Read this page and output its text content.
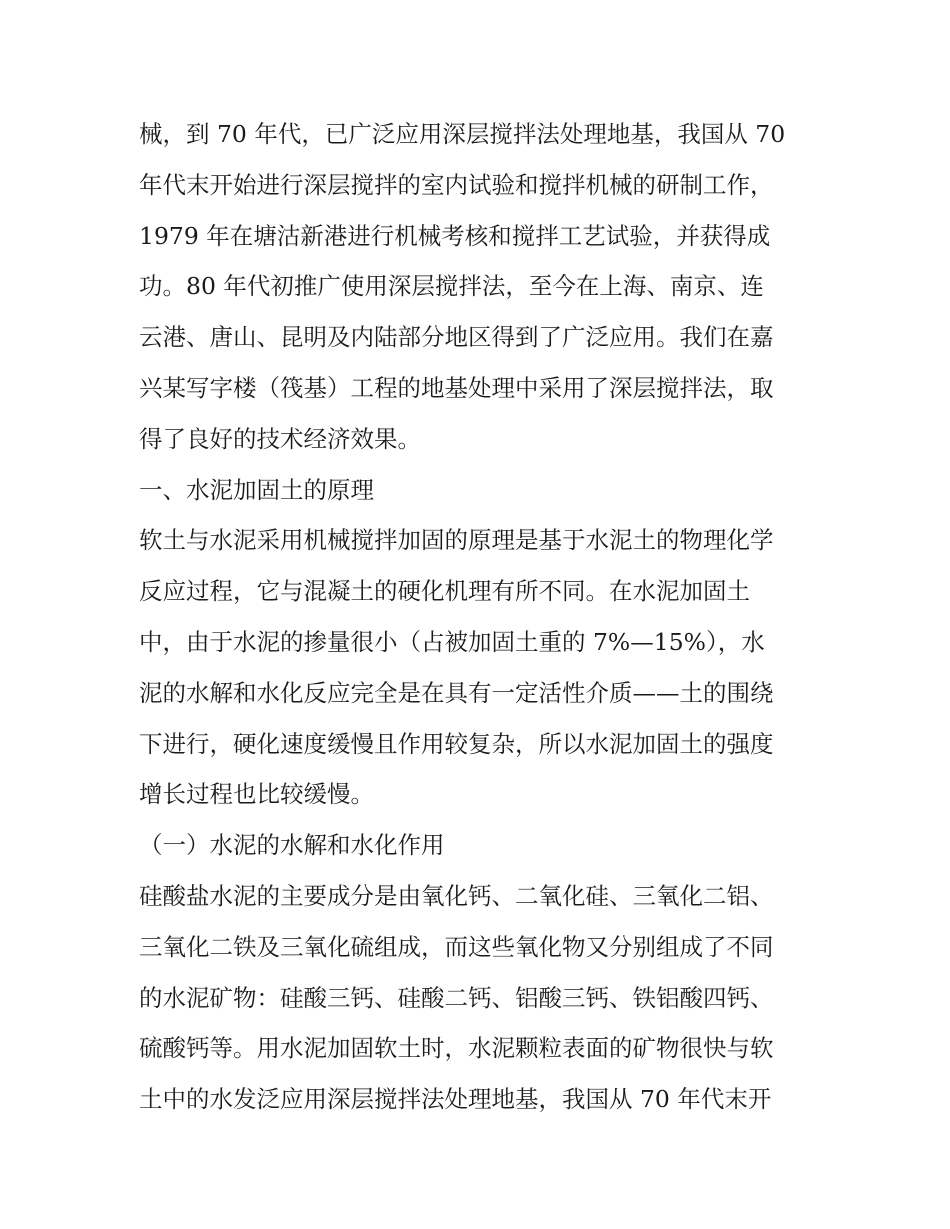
械，到 70 年代，已广泛应用深层搅拌法处理地基，我国从 70
年代末开始进行深层搅拌的室内试验和搅拌机械的研制工作，
1979 年在塘沽新港进行机械考核和搅拌工艺试验，并获得成
功。80 年代初推广使用深层搅拌法，至今在上海、南京、连
云港、唐山、昆明及内陆部分地区得到了广泛应用。我们在嘉
兴某写字楼（筏基）工程的地基处理中采用了深层搅拌法，取
得了良好的技术经济效果。
一、水泥加固土的原理
软土与水泥采用机械搅拌加固的原理是基于水泥土的物理化学
反应过程，它与混凝土的硬化机理有所不同。在水泥加固土
中，由于水泥的掺量很小（占被加固土重的 7%—15%），水
泥的水解和水化反应完全是在具有一定活性介质——土的围绕
下进行，硬化速度缓慢且作用较复杂，所以水泥加固土的强度
增长过程也比较缓慢。
（一）水泥的水解和水化作用
硅酸盐水泥的主要成分是由氧化钙、二氧化硅、三氧化二铝、
三氧化二铁及三氧化硫组成，而这些氧化物又分别组成了不同
的水泥矿物：硅酸三钙、硅酸二钙、铝酸三钙、铁铝酸四钙、
硫酸钙等。用水泥加固软土时，水泥颗粒表面的矿物很快与软
土中的水发泛应用深层搅拌法处理地基，我国从 70 年代末开
